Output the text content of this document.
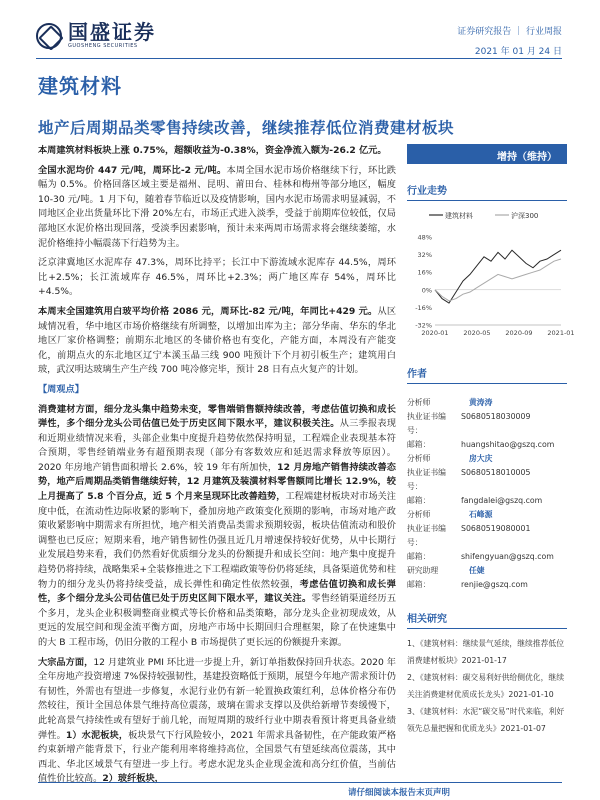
国盛证券
GUOSHENG SECURITIES
证券研究报告 ｜ 行业周报
2021 年 01 月 24 日
建筑材料
地产后周期品类零售持续改善，继续推荐低位消费建材板块

本周建筑材料板块上涨 0.75%，超额收益为-0.38%，资金净流入额为-26.2 亿元。

全国水泥均价 447 元/吨，周环比-2 元/吨。本周全国水泥市场价格继续下行，环比跌幅为 0.5%。价格回落区域主要是福州、昆明、莆田台、桂林和梅州等部分地区，幅度 10-30 元/吨。1 月下旬，随着春节临近以及疫情影响，国内水泥市场需求明显减弱，不同地区企业出货量环比下滑 20%左右，市场正式进入淡季，受益于前期库位较低，仅局部地区水泥价格出现回落，受淡季因素影响，预计未来两周市场需求将会继续萎缩，水泥价格维持小幅震荡下行趋势为主。

泛京津冀地区水泥库存 47.3%，周环比持平；长江中下游流域水泥库存 44.5%，周环比+2.5%；长江流域库存 46.5%，周环比+2.3%；两广地区库存 54%，周环比+4.5%。

本周末全国建筑用白玻平均价格 2086 元，周环比-82 元/吨，年同比+429 元。从区域情况看，华中地区市场价格继续有所调整，以增加出库为主；部分华南、华东的华北地区厂家价格调整；前期东北地区的冬储价格也有变化，产能方面，本周没有产能变化，前期点火的东北地区辽宁本溪玉晶三线 900 吨预计下个月初引板生产；建筑用白玻，武汉明达玻璃生产生产线 700 吨冷修完毕，预计 28 日有点火复产的计划。

【周观点】

消费建材方面，细分龙头集中趋势未变，零售端销售额持续改善，考虑估值切换和成长弹性，多个细分龙头公司估值已处于历史区间下限水平，建议积极关注。从三季报表现和近期业绩情况来看，头部企业集中度提升趋势依然保持明显，工程端企业表现基本符合预期，零售经销端业务有超预期表现（部分有客数效应和延迟需求释放等原因）。2020 年房地产销售面积增长 2.6%，较 19 年有所加快，12 月房地产销售持续改善态势，地产后周期品类销售继续好转，12 月建筑及装潢材料零售额同比增长 12.9%，较上月提高了 5.8 个百分点，近 5 个月来呈现环比改善趋势，工程端建材板块对市场关注度中低，在流动性边际收紧的影响下，叠加房地产政策变化预期的影响，市场对地产政策收紧影响中期需求有所担忧，地产相关消费品类需求预期较弱，板块估值流动和股价调整也已反应；短期来看，地产销售韧性仍强且近几月增速保持较好优势，从中长期行业发展趋势来看，我们仍然看好优质细分龙头的份额提升和成长空间：地产集中度提升趋势仍将持续，战略集采+全装修推进之下工程端政策等份仍将延续，具备渠道优势和柱物力的细分龙头仍将持续受益，成长弹性和确定性依然较强，考虑估值切换和成长弹性，多个细分龙头公司估值已处于历史区间下限水平，建议关注。零售经销渠道经历五个多月，龙头企业积极调整商业模式等长价格和品类策略，部分龙头企业初现成效，从更远的发展空间和现金流平衡方面，房地产市场中长期回归合理框架，除了在快速集中的大 B 工程市场，仍旧分散的工程小 B 市场提供了更长远的份额提升来源。

大宗品方面，12 月建筑业 PMI 环比进一步提上升，新订单指数保持回升状态。2020 年全年房地产投资增速 7%保持较强韧性，基建投资略低于预期，展望今年地产需求预计仍有韧性，外需也有望进一步修复，水泥行业仍有新一轮置换政策红利，总体价格分布仍然较往，预计全国总体景气维持高位震荡，玻璃在需求支撑以及供给新增节奏缓慢下，此轮高景气持续性或有望好于前几轮，而短周期的玻纤行业中期表看预计将更具备业绩弹性。1）水泥板块，板块景气下行风险较小，2021 年需求具备韧性，在产能政策严格约束新增产能背景下，行业产能利用率将维持高位，全国景气有望延续高位震荡，其中西北、华北区域景气有望进一步上行。考虑水泥龙头企业现金流和高分红价值，当前估值性价比较高。2）玻纤板块，

增持（维持）
行业走势
建筑材料	沪深300
48%
32%
16%
0%
-16%
-32%
2020-01 2020-05 2020-09 2021-01
作者
分析师	黄涛涛
执业证书编号：
S0680518030009
邮箱：	huangshitao@gszq.com
分析师	房大庆
执业证书编号：
S0680518010005
邮箱：	fangdalei@gszq.com
分析师	石峰源
执业证书编号：
S0680519080001
邮箱：	shifengyuan@gszq.com
研究助理	任婕
邮箱：	renjie@gszq.com
相关研究
1、《建筑材料：继续景气延续，继续推荐低位消费建材板块》2021-01-17
2、《建筑材料：碳交易利好供给侧优化，继续关注消费建材优质成长龙头》2021-01-10
3、《建筑材料：水泥“碳交易”时代来临，利好领先总量把握和优质龙头》2021-01-07
请仔细阅读本报告末页声明
